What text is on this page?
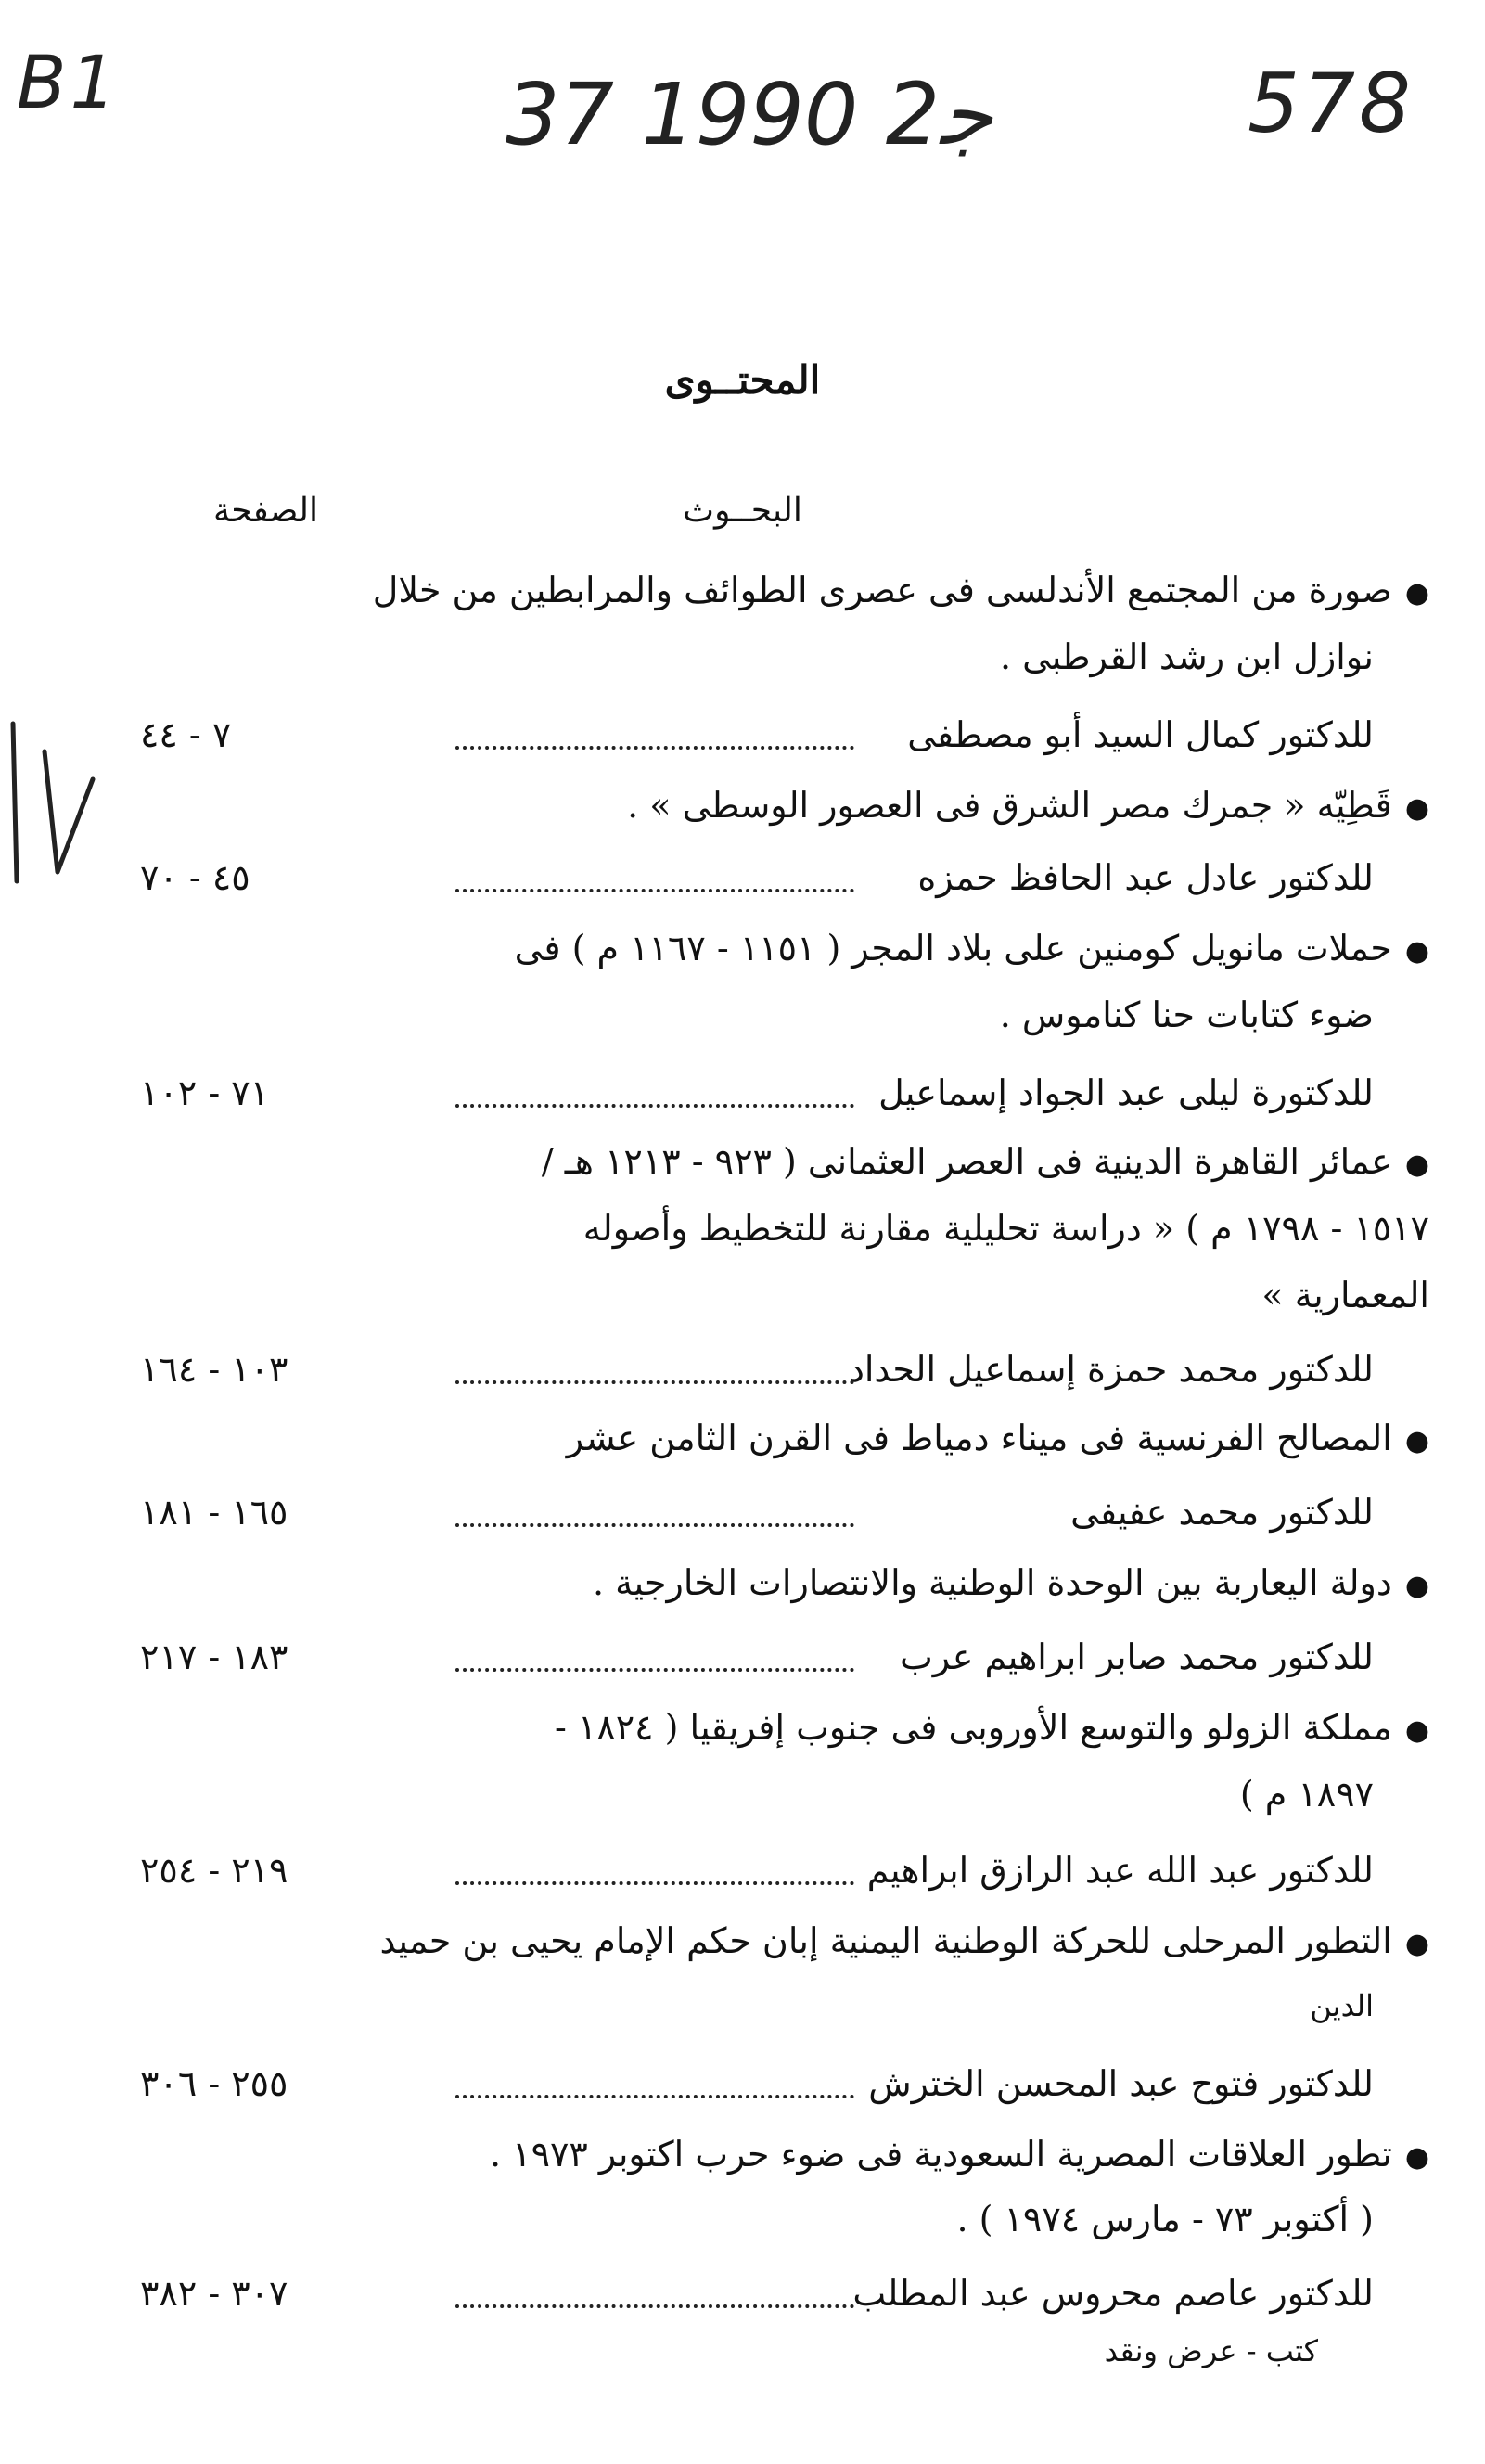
B1	37 ﺟ2 1990	578
المحتــوى
البحــوث
الصفحة
●صورة من المجتمع الأندلسى فى عصرى الطوائف والمرابطين من خلال
نوازل ابن رشد القرطبى .
للدكتور كمال السيد أبو مصطفى
٧ - ٤٤
●قَطِيّه « جمرك مصر الشرق فى العصور الوسطى » .
للدكتور عادل عبد الحافظ حمزه
٤٥ - ٧٠
●حملات مانويل كومنين على بلاد المجر ( ١١٥١ - ١١٦٧ م ) فى
ضوء كتابات حنا كناموس .
للدكتورة ليلى عبد الجواد إسماعيل
٧١ - ١٠٢
●عمائر القاهرة الدينية فى العصر العثمانى ( ٩٢٣ - ١٢١٣ هـ /
١٥١٧ - ١٧٩٨ م ) « دراسة تحليلية مقارنة للتخطيط وأصوله
المعمارية »
للدكتور محمد حمزة إسماعيل الحداد
١٠٣ - ١٦٤
●المصالح الفرنسية فى ميناء دمياط فى القرن الثامن عشر
للدكتور محمد عفيفى
١٦٥ - ١٨١
●دولة اليعاربة بين الوحدة الوطنية والانتصارات الخارجية .
للدكتور محمد صابر ابراهيم عرب
١٨٣ - ٢١٧
●مملكة الزولو والتوسع الأوروبى فى جنوب إفريقيا ( ١٨٢٤ -
١٨٩٧ م )
للدكتور عبد الله عبد الرازق ابراهيم
٢١٩ - ٢٥٤
●التطور المرحلى للحركة الوطنية اليمنية إبان حكم الإمام يحيى بن حميد
الدين
للدكتور فتوح عبد المحسن الخترش
٢٥٥ - ٣٠٦
●تطور العلاقات المصرية السعودية فى ضوء حرب اكتوبر ١٩٧٣ .
( أكتوبر ٧٣ - مارس ١٩٧٤ ) .
للدكتور عاصم محروس عبد المطلب
٣٠٧ - ٣٨٢
كتب - عرض ونقد
